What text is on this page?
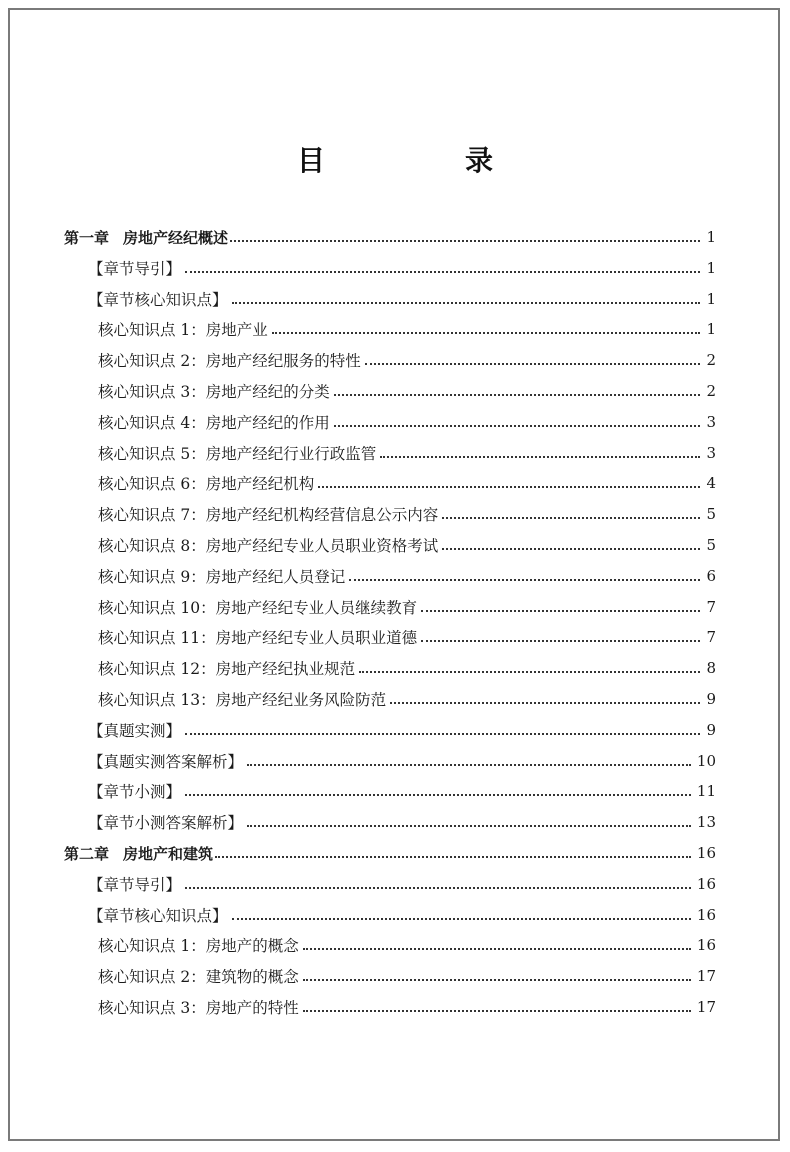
目　录
第一章 房地产经纪概述	1
【章节导引】	1
【章节核心知识点】	1
核心知识点 1：房地产业	1
核心知识点 2：房地产经纪服务的特性	2
核心知识点 3：房地产经纪的分类	2
核心知识点 4：房地产经纪的作用	3
核心知识点 5：房地产经纪行业行政监管	3
核心知识点 6：房地产经纪机构	4
核心知识点 7：房地产经纪机构经营信息公示内容	5
核心知识点 8：房地产经纪专业人员职业资格考试	5
核心知识点 9：房地产经纪人员登记	6
核心知识点 10：房地产经纪专业人员继续教育	7
核心知识点 11：房地产经纪专业人员职业道德	7
核心知识点 12：房地产经纪执业规范	8
核心知识点 13：房地产经纪业务风险防范	9
【真题实测】	9
【真题实测答案解析】	10
【章节小测】	11
【章节小测答案解析】	13
第二章 房地产和建筑	16
【章节导引】	16
【章节核心知识点】	16
核心知识点 1：房地产的概念	16
核心知识点 2：建筑物的概念	17
核心知识点 3：房地产的特性	17
